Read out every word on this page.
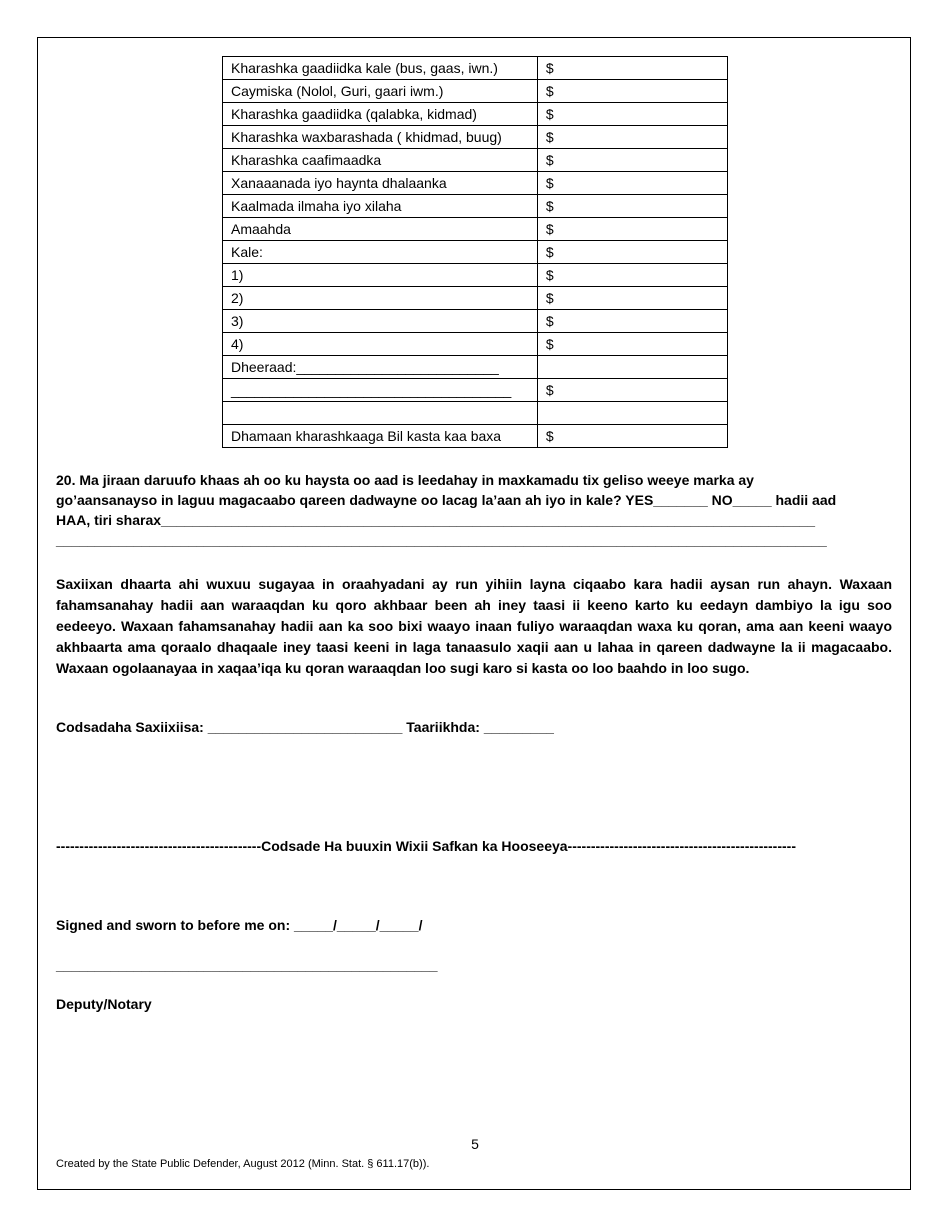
Kharashka gaadiidka kale (bus, gaas, iwn.)	$
Caymiska (Nolol, Guri, gaari iwm.)	$
Kharashka gaadiidka (qalabka, kidmad)	$
Kharashka waxbarashada ( khidmad, buug)	$
Kharashka caafimaadka	$
Xanaaanada iyo haynta dhalaanka	$
Kaalmada ilmaha iyo xilaha	$
Amaahda	$
Kale:	$
1)	$
2)	$
3)	$
4)	$
Dheeraad:__________________________	
____________________________________	$

Dhamaan kharashkaaga Bil kasta kaa baxa	$

20. Ma jiraan daruufo khaas ah oo ku haysta oo aad is leedahay in maxkamadu tix geliso weeye marka ay

go’aansanayso in laguu magacaabo qareen dadwayne oo lacag la’aan ah iyo in kale? YES_______ NO_____ hadii aad

HAA, tiri sharax____________________________________________________________________________________

___________________________________________________________________________________________________

Saxiixan dhaarta ahi wuxuu sugayaa in oraahyadani ay run yihiin layna ciqaabo kara hadii aysan run ahayn. Waxaan fahamsanahay hadii aan waraaqdan ku qoro akhbaar been ah iney taasi ii keeno karto ku eedayn dambiyo la igu soo eedeeyo. Waxaan fahamsanahay hadii aan ka soo bixi waayo inaan fuliyo waraaqdan waxa ku qoran, ama aan keeni waayo akhbaarta ama qoraalo dhaqaale iney taasi keeni in laga tanaasulo xaqii aan u lahaa in qareen dadwayne la ii magacaabo. Waxaan ogolaanayaa in xaqaa’iqa ku qoran waraaqdan loo sugi karo si kasta oo loo baahdo in loo sugo.

Codsadaha Saxiixiisa: _________________________ Taariikhda: _________

--------------------------------------------Codsade Ha buuxin Wixii Safkan ka Hooseeya-------------------------------------------------

Signed and sworn to before me on: _____/_____/_____/

_________________________________________________

Deputy/Notary

5
Created by the State Public Defender, August 2012 (Minn. Stat. § 611.17(b)).
